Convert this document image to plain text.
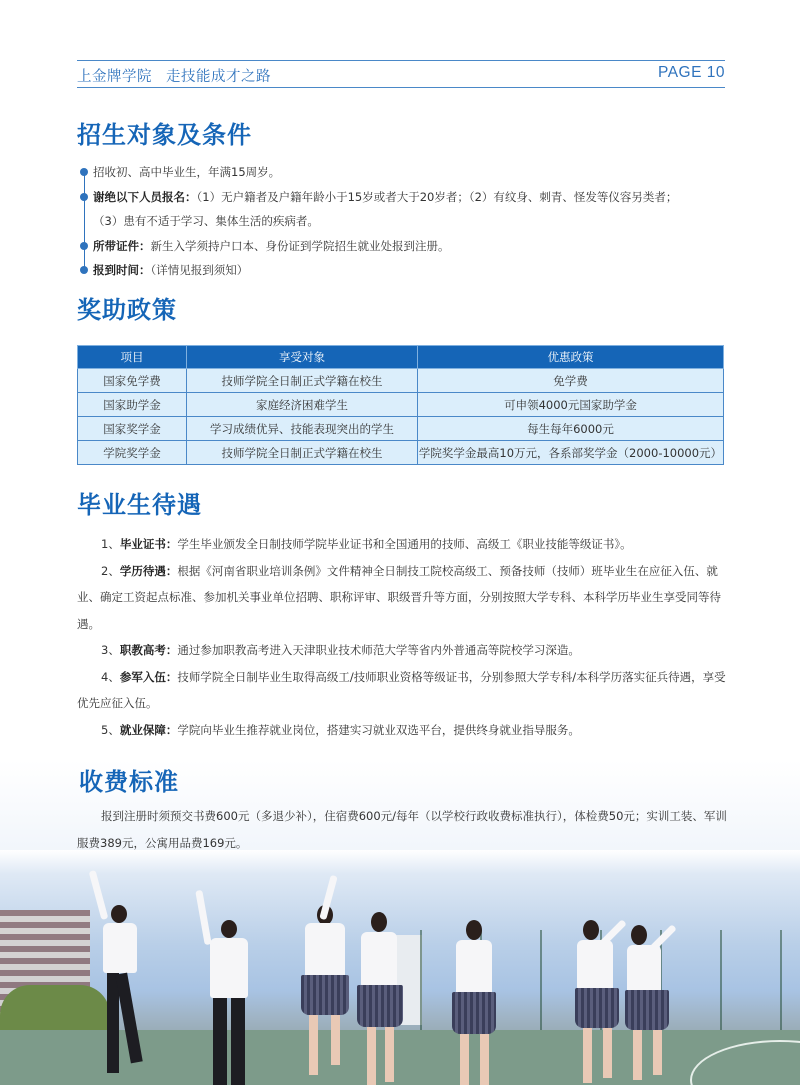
上金牌学院 走技能成才之路	PAGE 10
招生对象及条件
招收初、高中毕业生，年满15周岁。
谢绝以下人员报名：（1）无户籍者及户籍年龄小于15岁或者大于20岁者；（2）有纹身、刺青、怪发等仪容另类者；
（3）患有不适于学习、集体生活的疾病者。
所带证件：新生入学须持户口本、身份证到学院招生就业处报到注册。
报到时间：（详情见报到须知）
奖助政策
项目	享受对象	优惠政策
国家免学费	技师学院全日制正式学籍在校生	免学费
国家助学金	家庭经济困难学生	可申领4000元国家助学金
国家奖学金	学习成绩优异、技能表现突出的学生	每生每年6000元
学院奖学金	技师学院全日制正式学籍在校生	学院奖学金最高10万元，各系部奖学金（2000-10000元）
毕业生待遇

1、毕业证书：学生毕业颁发全日制技师学院毕业证书和全国通用的技师、高级工《职业技能等级证书》。

2、学历待遇：根据《河南省职业培训条例》文件精神全日制技工院校高级工、预备技师（技师）班毕业生在应征入伍、就业、确定工资起点标准、参加机关事业单位招聘、职称评审、职级晋升等方面，分别按照大学专科、本科学历毕业生享受同等待遇。

3、职教高考：通过参加职教高考进入天津职业技术师范大学等省内外普通高等院校学习深造。

4、参军入伍：技师学院全日制毕业生取得高级工/技师职业资格等级证书，分别参照大学专科/本科学历落实征兵待遇，享受优先应征入伍。

5、就业保障：学院向毕业生推荐就业岗位，搭建实习就业双选平台，提供终身就业指导服务。

收费标准

报到注册时须预交书费600元（多退少补），住宿费600元/每年（以学校行政收费标准执行），体检费50元；实训工装、军训服费389元，公寓用品费169元。
